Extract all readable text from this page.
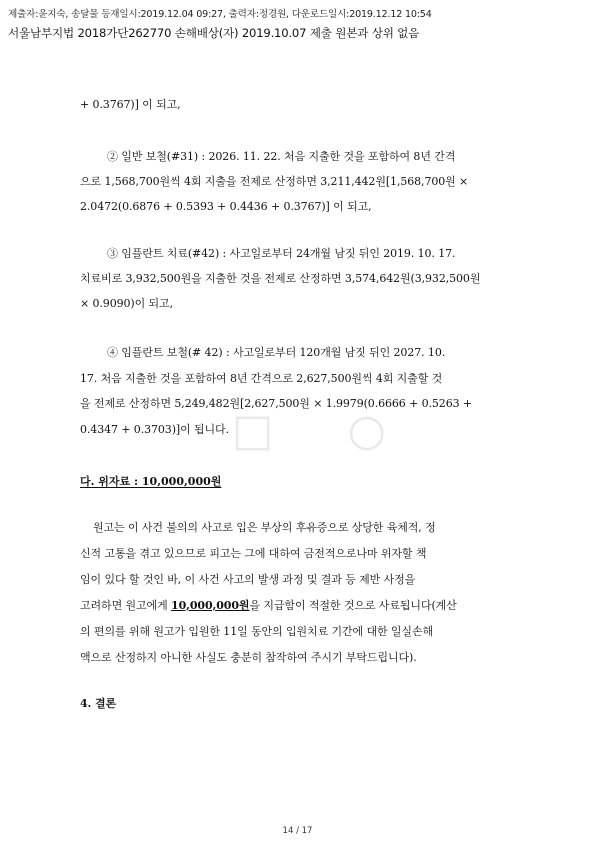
제출자:윤지숙, 송달물 등재일시:2019.12.04 09:27, 출력자:정경원, 다운로드일시:2019.12.12 10:54
서울남부지법 2018가단262770 손해배상(자) 2019.10.07 제출 원본과 상위 없음
□ ○
+ 0.3767)] 이 되고,
② 일반 보철(#31) : 2026. 11. 22. 처음 지출한 것을 포함하여 8년 간격
으로 1,568,700원씩 4회 지출을 전제로 산정하면 3,211,442원[1,568,700원 ×
2.0472(0.6876 + 0.5393 + 0.4436 + 0.3767)] 이 되고,
③ 임플란트 치료(#42) : 사고일로부터 24개월 남짓 뒤인 2019. 10. 17.
치료비로 3,932,500원을 지출한 것을 전제로 산정하면 3,574,642원(3,932,500원
× 0.9090)이 되고,
④ 임플란트 보철(# 42) : 사고일로부터 120개월 남짓 뒤인 2027. 10.
17. 처음 지출한 것을 포함하여 8년 간격으로 2,627,500원씩 4회 지출할 것
을 전제로 산정하면 5,249,482원[2,627,500원 × 1.9979(0.6666 + 0.5263 +
0.4347 + 0.3703)]이 됩니다.
다. 위자료 : 10,000,000원
원고는 이 사건 불의의 사고로 입은 부상의 후유증으로 상당한 육체적, 정
신적 고통을 겪고 있으므로 피고는 그에 대하여 금전적으로나마 위자할 책
임이 있다 할 것인 바, 이 사건 사고의 발생 과정 및 결과 등 제반 사정을
고려하면 원고에게 10,000,000원을 지급함이 적절한 것으로 사료됩니다(계산
의 편의를 위해 원고가 입원한 11일 동안의 입원치료 기간에 대한 일실손해
액으로 산정하지 아니한 사실도 충분히 참작하여 주시기 부탁드립니다).
4. 결론
14 / 17
